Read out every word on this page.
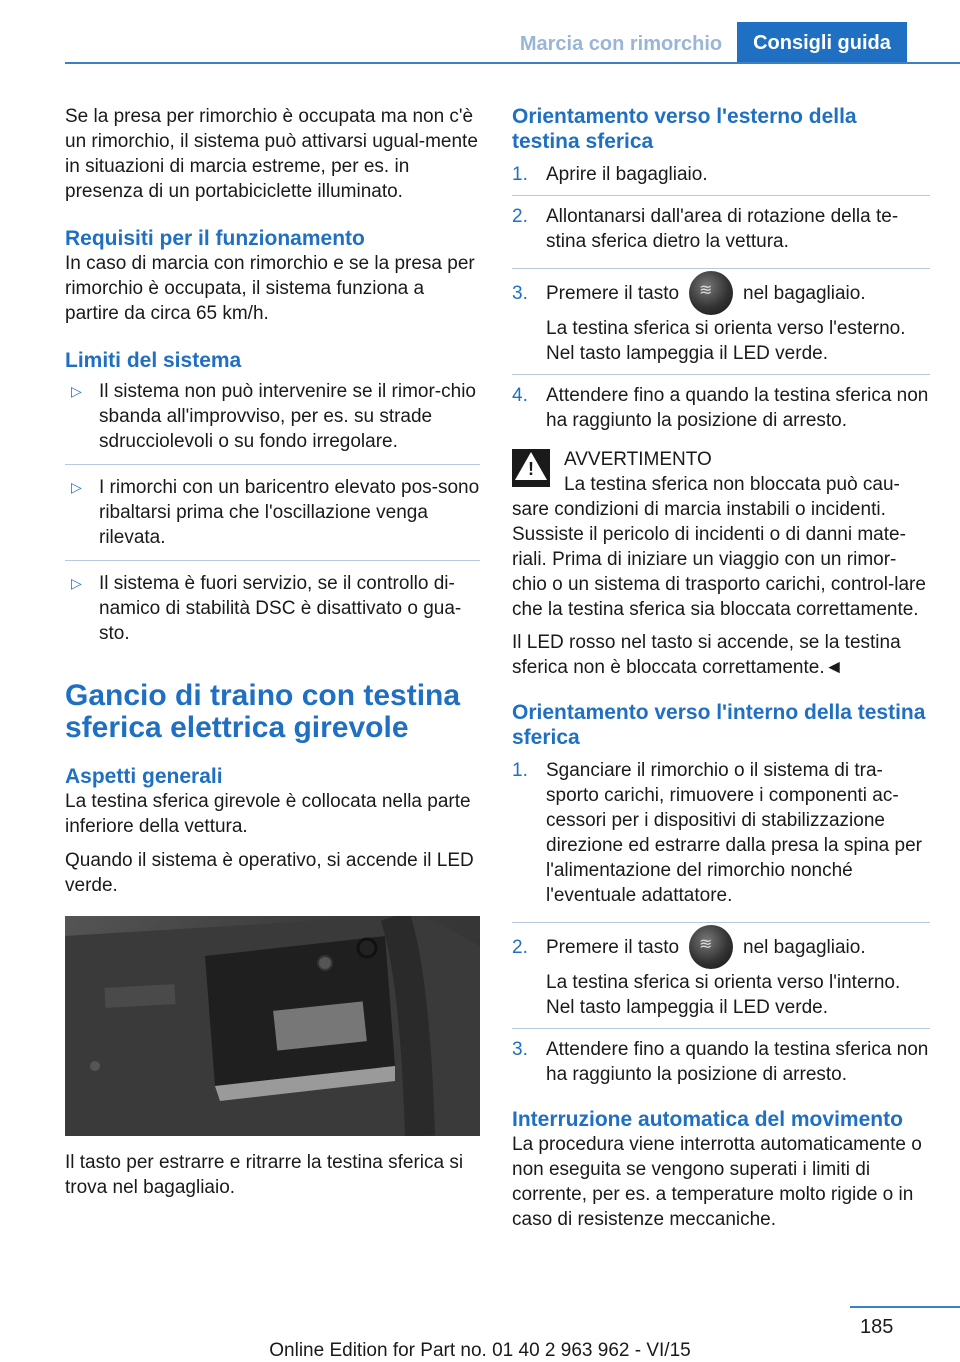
Marcia con rimorchio	Consigli guida

Se la presa per rimorchio è occupata ma non c'è un rimorchio, il sistema può attivarsi ugual-mente in situazioni di marcia estreme, per es. in presenza di un portabiciclette illuminato.

Requisiti per il funzionamento

In caso di marcia con rimorchio e se la presa per rimorchio è occupata, il sistema funziona a partire da circa 65 km/h.

Limiti del sistema
▷ Il sistema non può intervenire se il rimor-chio sbanda all'improvviso, per es. su strade sdrucciolevoli o su fondo irregolare.
▷ I rimorchi con un baricentro elevato pos-sono ribaltarsi prima che l'oscillazione venga rilevata.
▷ Il sistema è fuori servizio, se il controllo di-namico di stabilità DSC è disattivato o gua-sto.
Gancio di traino con testina sferica elettrica girevole
Aspetti generali

La testina sferica girevole è collocata nella parte inferiore della vettura.

Quando il sistema è operativo, si accende il LED verde.

Il tasto per estrarre e ritrarre la testina sferica si trova nel bagagliaio.

Orientamento verso l'esterno della testina sferica
1. Aprire il bagagliaio.
2. Allontanarsi dall'area di rotazione della te-stina sferica dietro la vettura.
3. Premere il tasto ≋ nel bagagliaio.

La testina sferica si orienta verso l'esterno. Nel tasto lampeggia il LED verde.

4. Attendere fino a quando la testina sferica non ha raggiunto la posizione di arresto.
!	AVVERTIMENTO

La testina sferica non bloccata può cau-sare condizioni di marcia instabili o incidenti. Sussiste il pericolo di incidenti o di danni mate-riali. Prima di iniziare un viaggio con un rimor-chio o un sistema di trasporto carichi, control-lare che la testina sferica sia bloccata correttamente.

Il LED rosso nel tasto si accende, se la testina sferica non è bloccata correttamente.◄

Orientamento verso l'interno della testina sferica
1. Sganciare il rimorchio o il sistema di tra-sporto carichi, rimuovere i componenti ac-cessori per i dispositivi di stabilizzazione direzione ed estrarre dalla presa la spina per l'alimentazione del rimorchio nonché l'eventuale adattatore.
2. Premere il tasto ≋ nel bagagliaio.

La testina sferica si orienta verso l'interno. Nel tasto lampeggia il LED verde.

3. Attendere fino a quando la testina sferica non ha raggiunto la posizione di arresto.
Interruzione automatica del movimento

La procedura viene interrotta automaticamente o non eseguita se vengono superati i limiti di corrente, per es. a temperature molto rigide o in caso di resistenze meccaniche.

185
Online Edition for Part no. 01 40 2 963 962 - VI/15
